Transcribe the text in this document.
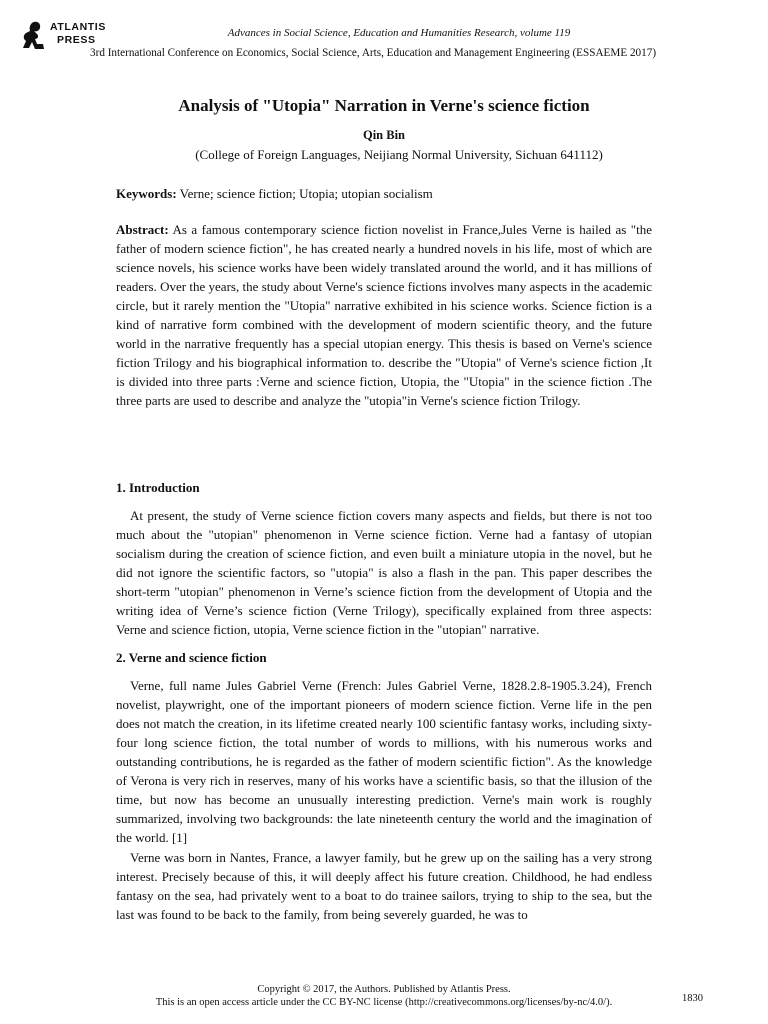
ATLANTIS
PRESS
Advances in Social Science, Education and Humanities Research, volume 119
3rd International Conference on Economics, Social Science, Arts, Education and Management Engineering (ESSAEME 2017)
Analysis of "Utopia" Narration in Verne's science fiction
Qin Bin
(College of Foreign Languages, Neijiang Normal University, Sichuan 641112)
Keywords: Verne; science fiction; Utopia; utopian socialism
Abstract: As a famous contemporary science fiction novelist in France,Jules Verne is hailed as "the father of modern science fiction", he has created nearly a hundred novels in his life, most of which are science novels, his science works have been widely translated around the world, and it has millions of readers. Over the years, the study about Verne's science fictions involves many aspects in the academic circle, but it rarely mention the "Utopia" narrative exhibited in his science works. Science fiction is a kind of narrative form combined with the development of modern scientific theory, and the future world in the narrative frequently has a special utopian energy. This thesis is based on Verne's science fiction Trilogy and his biographical information to. describe the "Utopia" of Verne's science fiction ,It is divided into three parts :Verne and science fiction, Utopia, the "Utopia" in the science fiction .The three parts are used to describe and analyze the "utopia"in Verne's science fiction Trilogy.
1. Introduction
At present, the study of Verne science fiction covers many aspects and fields, but there is not too much about the "utopian" phenomenon in Verne science fiction. Verne had a fantasy of utopian socialism during the creation of science fiction, and even built a miniature utopia in the novel, but he did not ignore the scientific factors, so "utopia" is also a flash in the pan. This paper describes the short-term "utopian" phenomenon in Verne’s science fiction from the development of Utopia and the writing idea of Verne’s science fiction (Verne Trilogy), specifically explained from three aspects: Verne and science fiction, utopia, Verne science fiction in the "utopian" narrative.
2. Verne and science fiction
Verne, full name Jules Gabriel Verne (French: Jules Gabriel Verne, 1828.2.8-1905.3.24), French novelist, playwright, one of the important pioneers of modern science fiction. Verne life in the pen does not match the creation, in its lifetime created nearly 100 scientific fantasy works, including sixty-four long science fiction, the total number of words to millions, with his numerous works and outstanding contributions, he is regarded as the father of modern scientific fiction". As the knowledge of Verona is very rich in reserves, many of his works have a scientific basis, so that the illusion of the time, but now has become an unusually interesting prediction. Verne's main work is roughly summarized, involving two backgrounds: the late nineteenth century the world and the imagination of the world. [1]
Verne was born in Nantes, France, a lawyer family, but he grew up on the sailing has a very strong interest. Precisely because of this, it will deeply affect his future creation. Childhood, he had endless fantasy on the sea, had privately went to a boat to do trainee sailors, trying to ship to the sea, but the last was found to be back to the family, from being severely guarded, he was to
Copyright © 2017, the Authors. Published by Atlantis Press.
This is an open access article under the CC BY-NC license (http://creativecommons.org/licenses/by-nc/4.0/).	1830
